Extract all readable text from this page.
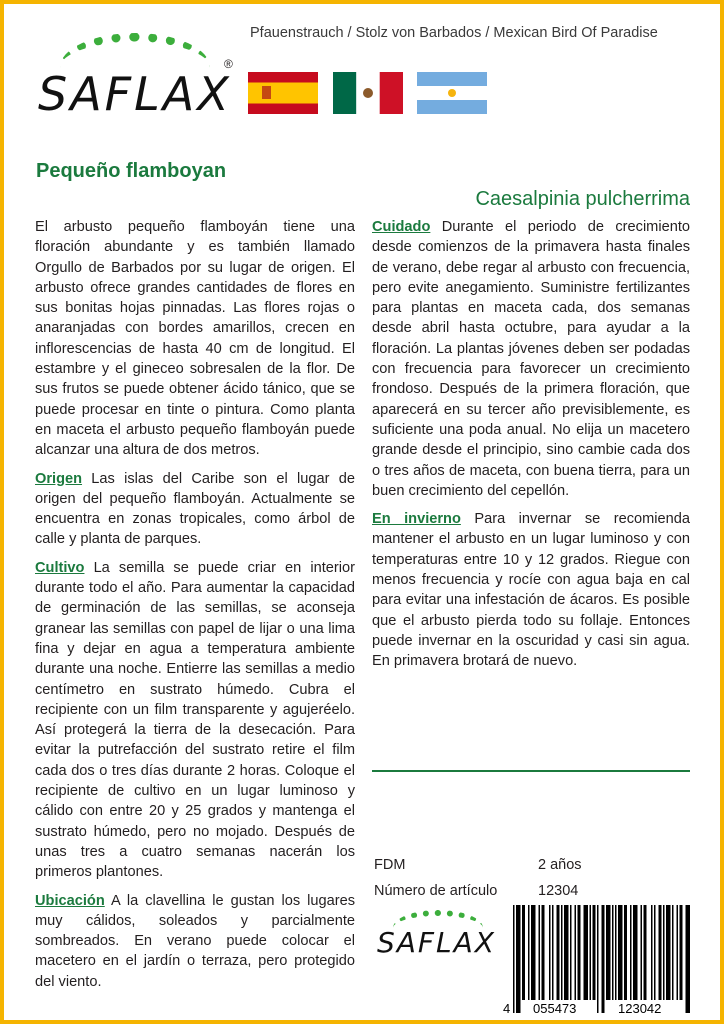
SAFLAX
®
Pfauenstrauch / Stolz von Barbados / Mexican Bird Of Paradise
Pequeño flamboyan
Caesalpinia pulcherrima

El arbusto pequeño flamboyán tiene una floración abundante y es también llamado Orgullo de Barbados por su lugar de origen. El arbusto ofrece grandes cantidades de flores en sus bonitas hojas pinnadas. Las flores rojas o anaranjadas con bordes amarillos, crecen en inflorescencias de hasta 40 cm de longitud. El estambre y el gineceo sobresalen de la flor. De sus frutos se puede obtener ácido tánico, que se puede procesar en tinte o pintura. Como planta en maceta el arbusto pequeño flamboyán puede alcanzar una altura de dos metros.

Origen Las islas del Caribe son el lugar de origen del pequeño flamboyán. Actualmente se encuentra en zonas tropicales, como árbol de calle y planta de parques.

Cultivo La semilla se puede criar en interior durante todo el año. Para aumentar la capacidad de germinación de las semillas, se aconseja granear las semillas con papel de lijar o una lima fina y dejar en agua a temperatura ambiente durante una noche. Entierre las semillas a medio centímetro en sustrato húmedo. Cubra el recipiente con un film transparente y agujeréelo. Así protegerá la tierra de la desecación. Para evitar la putrefacción del sustrato retire el film cada dos o tres días durante 2 horas. Coloque el recipiente de cultivo en un lugar luminoso y cálido con entre 20 y 25 grados y mantenga el sustrato húmedo, pero no mojado. Después de unas tres a cuatro semanas nacerán los primeros plantones.

Ubicación A la clavellina le gustan los lugares muy cálidos, soleados y parcialmente sombreados. En verano puede colocar el macetero en el jardín o terraza, pero protegido del viento.

Cuidado Durante el periodo de crecimiento desde comienzos de la primavera hasta finales de verano, debe regar al arbusto con frecuencia, pero evite anegamiento. Suministre fertilizantes para plantas en maceta cada, dos semanas desde abril hasta octubre, para ayudar a la floración. La plantas jóvenes deben ser podadas con frecuencia para favorecer un crecimiento frondoso. Después de la primera floración, que aparecerá en su tercer año previsiblemente, es suficiente una poda anual. No elija un macetero grande desde el principio, sino cambie cada dos o tres años de maceta, con buena tierra, para un buen crecimiento del cepellón.

En invierno Para invernar se recomienda mantener el arbusto en un lugar luminoso y con temperaturas entre 10 y 12 grados. Riegue con menos frecuencia y rocíe con agua baja en cal para evitar una infestación de ácaros. Es posible que el arbusto pierda todo su follaje. Entonces puede invernar en la oscuridad y casi sin agua. En primavera brotará de nuevo.

FDM	2 años
Número de artículo	12304
SAFLAX
4 055473	123042
